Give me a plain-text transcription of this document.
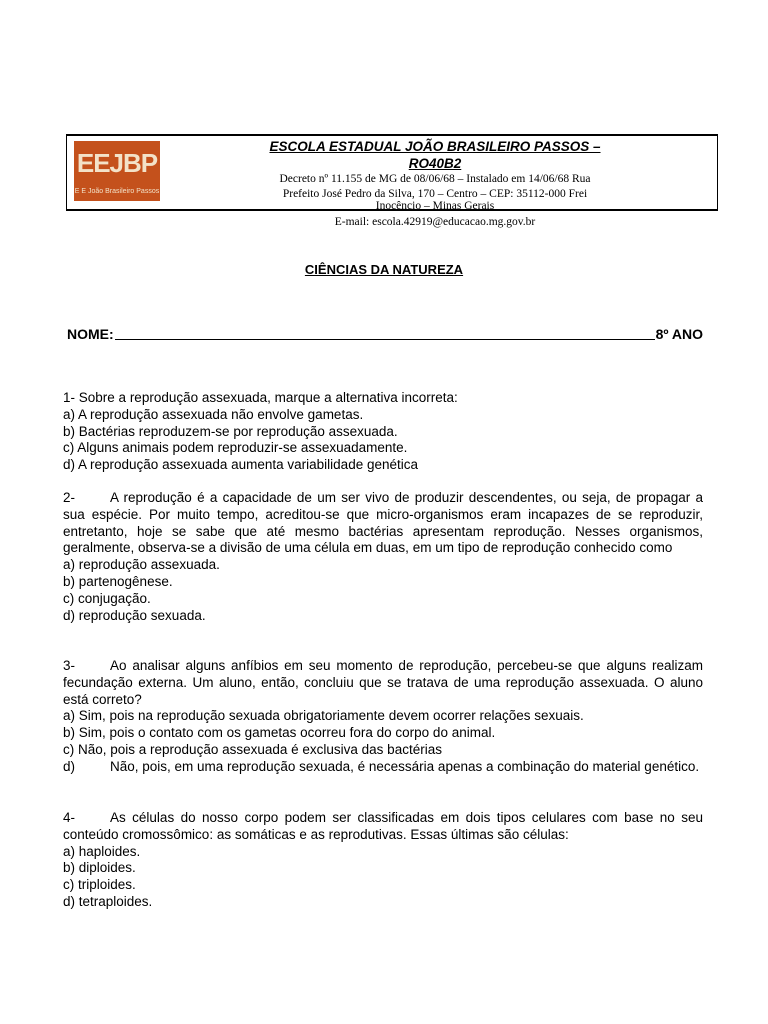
EEJBP
E E João Brasileiro Passos
ESCOLA ESTADUAL JOÃO BRASILEIRO PASSOS –
RO40B2
Decreto nº 11.155 de MG de 08/06/68 – Instalado em 14/06/68 Rua
Prefeito José Pedro da Silva, 170 – Centro – CEP: 35112-000 Frei
Inocêncio – Minas Gerais
E-mail: escola.42919@educacao.mg.gov.br
CIÊNCIAS DA NATUREZA
NOME:	8º ANO

1- Sobre a reprodução assexuada, marque a alternativa incorreta:

a) A reprodução assexuada não envolve gametas.

b) Bactérias reproduzem-se por reprodução assexuada.

c) Alguns animais podem reproduzir-se assexuadamente.

d) A reprodução assexuada aumenta variabilidade genética

2-	A reprodução é a capacidade de um ser vivo de produzir descendentes, ou seja, de propagar a sua espécie. Por muito tempo, acreditou-se que micro-organismos eram incapazes de se reproduzir, entretanto, hoje se sabe que até mesmo bactérias apresentam reprodução. Nesses organismos, geralmente, observa-se a divisão de uma célula em duas, em um tipo de reprodução conhecido como

a) reprodução assexuada.

b) partenogênese.

c) conjugação.

d) reprodução sexuada.

3-	Ao analisar alguns anfíbios em seu momento de reprodução, percebeu-se que alguns realizam fecundação externa. Um aluno, então, concluiu que se tratava de uma reprodução assexuada. O aluno está correto?

a) Sim, pois na reprodução sexuada obrigatoriamente devem ocorrer relações sexuais.

b) Sim, pois o contato com os gametas ocorreu fora do corpo do animal.

c) Não, pois a reprodução assexuada é exclusiva das bactérias

d)	Não, pois, em uma reprodução sexuada, é necessária apenas a combinação do material genético.

4-	As células do nosso corpo podem ser classificadas em dois tipos celulares com base no seu conteúdo cromossômico: as somáticas e as reprodutivas. Essas últimas são células:

a) haploides.

b) diploides.

c) triploides.

d) tetraploides.
